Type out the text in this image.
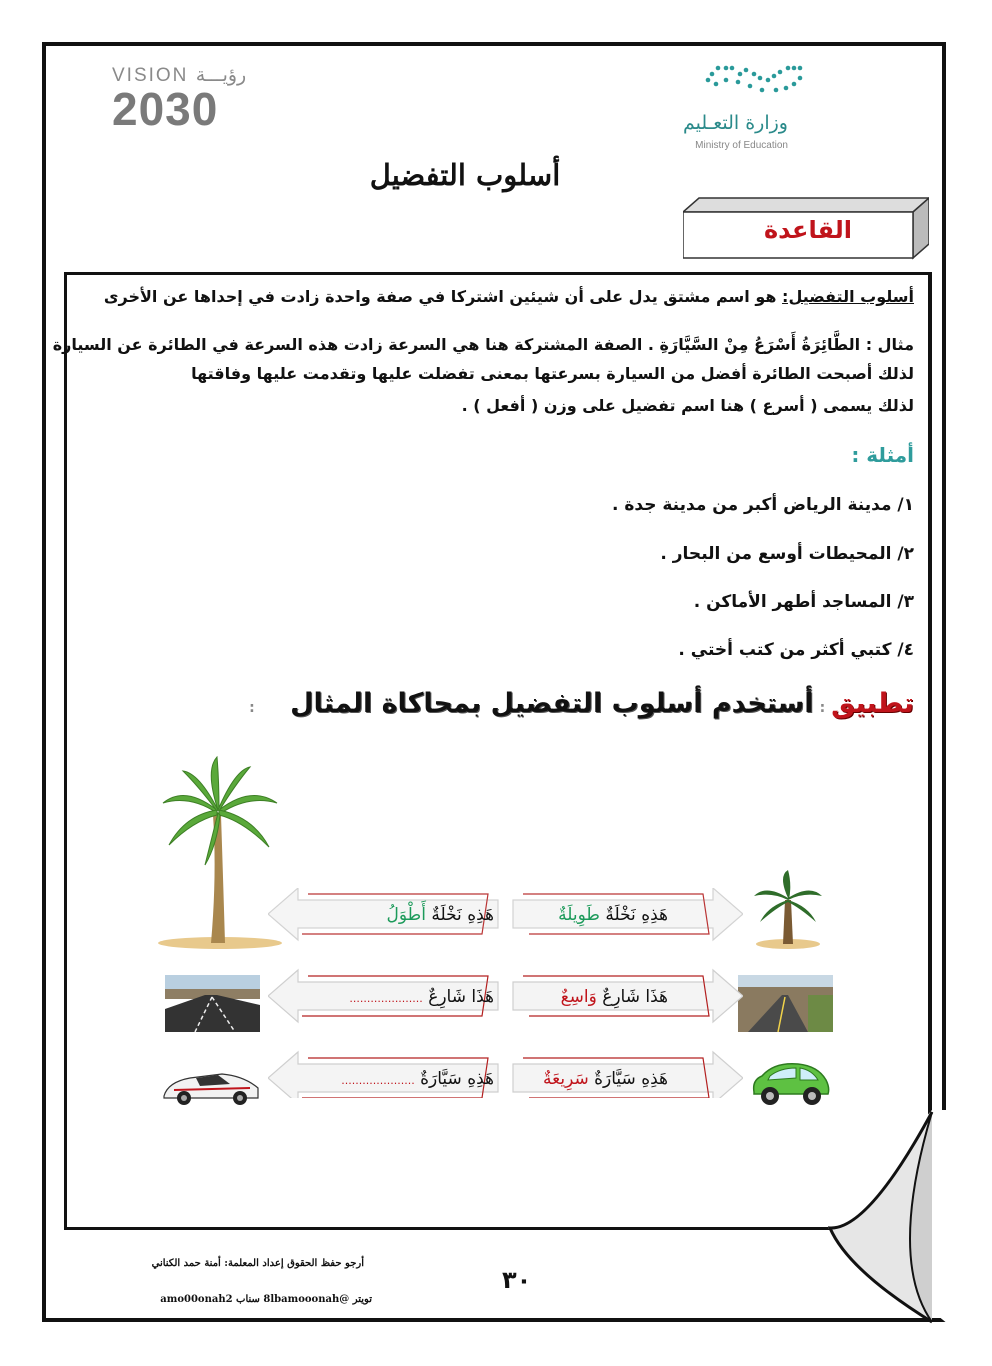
VISION رؤيـــة
2030	وزارة التعـليم
Ministry of Education
أسلوب التفضيل
القاعدة
أسلوب التفضيل: هو اسم مشتق يدل على أن شيئين اشتركا في صفة واحدة زادت في إحداها عن الأخرى
مثال : الطَّائِرَةُ أَسْرَعُ مِنْ السَّيَّارَةِ . الصفة المشتركة هنا هي السرعة زادت هذه السرعة في الطائرة عن السيارة
لذلك أصبحت الطائرة أفضل من السيارة بسرعتها بمعنى تفضلت عليها وتقدمت عليها وفاقتها
لذلك يسمى ( أسرع ) هنا اسم تفضيل على وزن ( أفعل ) .
أمثلة :
١/ مدينة الرياض أكبر من مدينة جدة .
٢/ المحيطات أوسع من البحار .
٣/ المساجد أطهر الأماكن .
٤/ كتبي أكثر من كتب أختي .
تطبيق:أستخدم أسلوب التفضيل بمحاكاة المثال :
هَذِهِ نَخْلَةٌ طَوِيلَةٌ
هَذِهِ نَخْلَةٌ أَطْوَلُ
هَذَا شَارِعٌ وَاسِعٌ
هَذَا شَارِعٌ .....................
هَذِهِ سَيَّارَةٌ سَرِيعَةٌ
هَذِهِ سَيَّارَةٌ .....................
أرجو حفظ الحقوق إعداد المعلمة: أمنة حمد الكناني
تويتر @8lbamooonah سناب amo00onah2
٣٠
